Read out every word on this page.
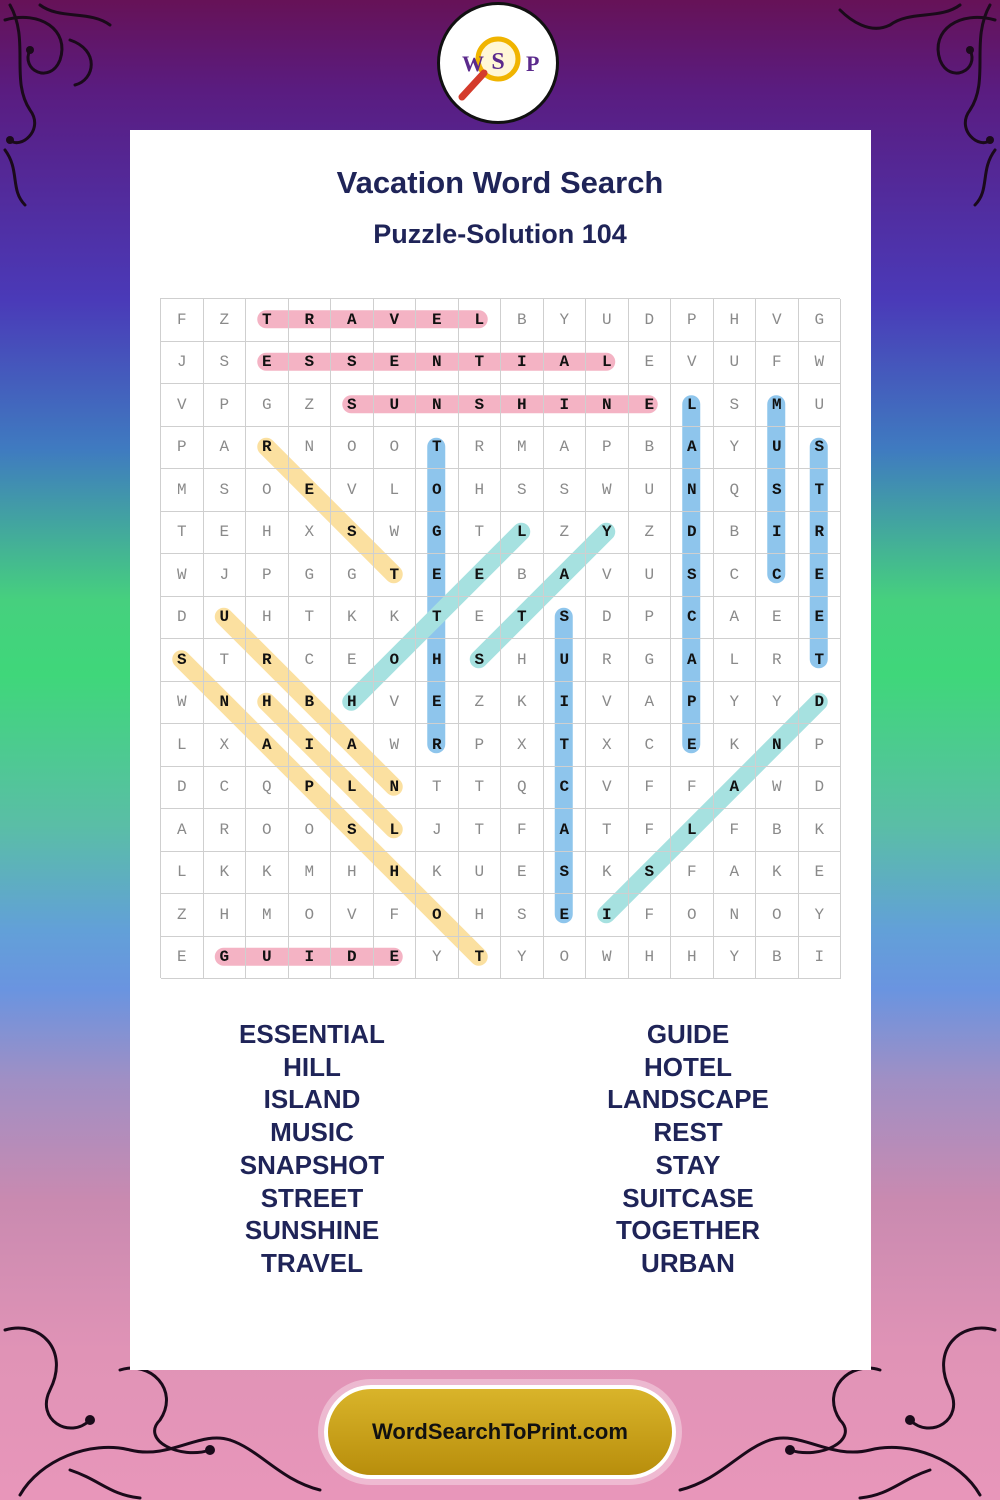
W S P
Vacation Word Search
Puzzle-Solution 104
F	Z	T	R	A	V	E	L	B	Y	U	D	P	H	V	G
J	S	E	S	S	E	N	T	I	A	L	E	V	U	F	W
V	P	G	Z	S	U	N	S	H	I	N	E	L	S	M	U
P	A	R	N	O	O	T	R	M	A	P	B	A	Y	U	S
M	S	O	E	V	L	O	H	S	S	W	U	N	Q	S	T
T	E	H	X	S	W	G	T	L	Z	Y	Z	D	B	I	R
W	J	P	G	G	T	E	E	B	A	V	U	S	C	C	E
D	U	H	T	K	K	T	E	T	S	D	P	C	A	E	E
S	T	R	C	E	O	H	S	H	U	R	G	A	L	R	T
W	N	H	B	H	V	E	Z	K	I	V	A	P	Y	Y	D
L	X	A	I	A	W	R	P	X	T	X	C	E	K	N	P
D	C	Q	P	L	N	T	T	Q	C	V	F	F	A	W	D
A	R	O	O	S	L	J	T	F	A	T	F	L	F	B	K
L	K	K	M	H	H	K	U	E	S	K	S	F	A	K	E
Z	H	M	O	V	F	O	H	S	E	I	F	O	N	O	Y
E	G	U	I	D	E	Y	T	Y	O	W	H	H	Y	B	I
ESSENTIAL
HILL
ISLAND
MUSIC
SNAPSHOT
STREET
SUNSHINE
TRAVEL
GUIDE
HOTEL
LANDSCAPE
REST
STAY
SUITCASE
TOGETHER
URBAN
WordSearchToPrint.com
